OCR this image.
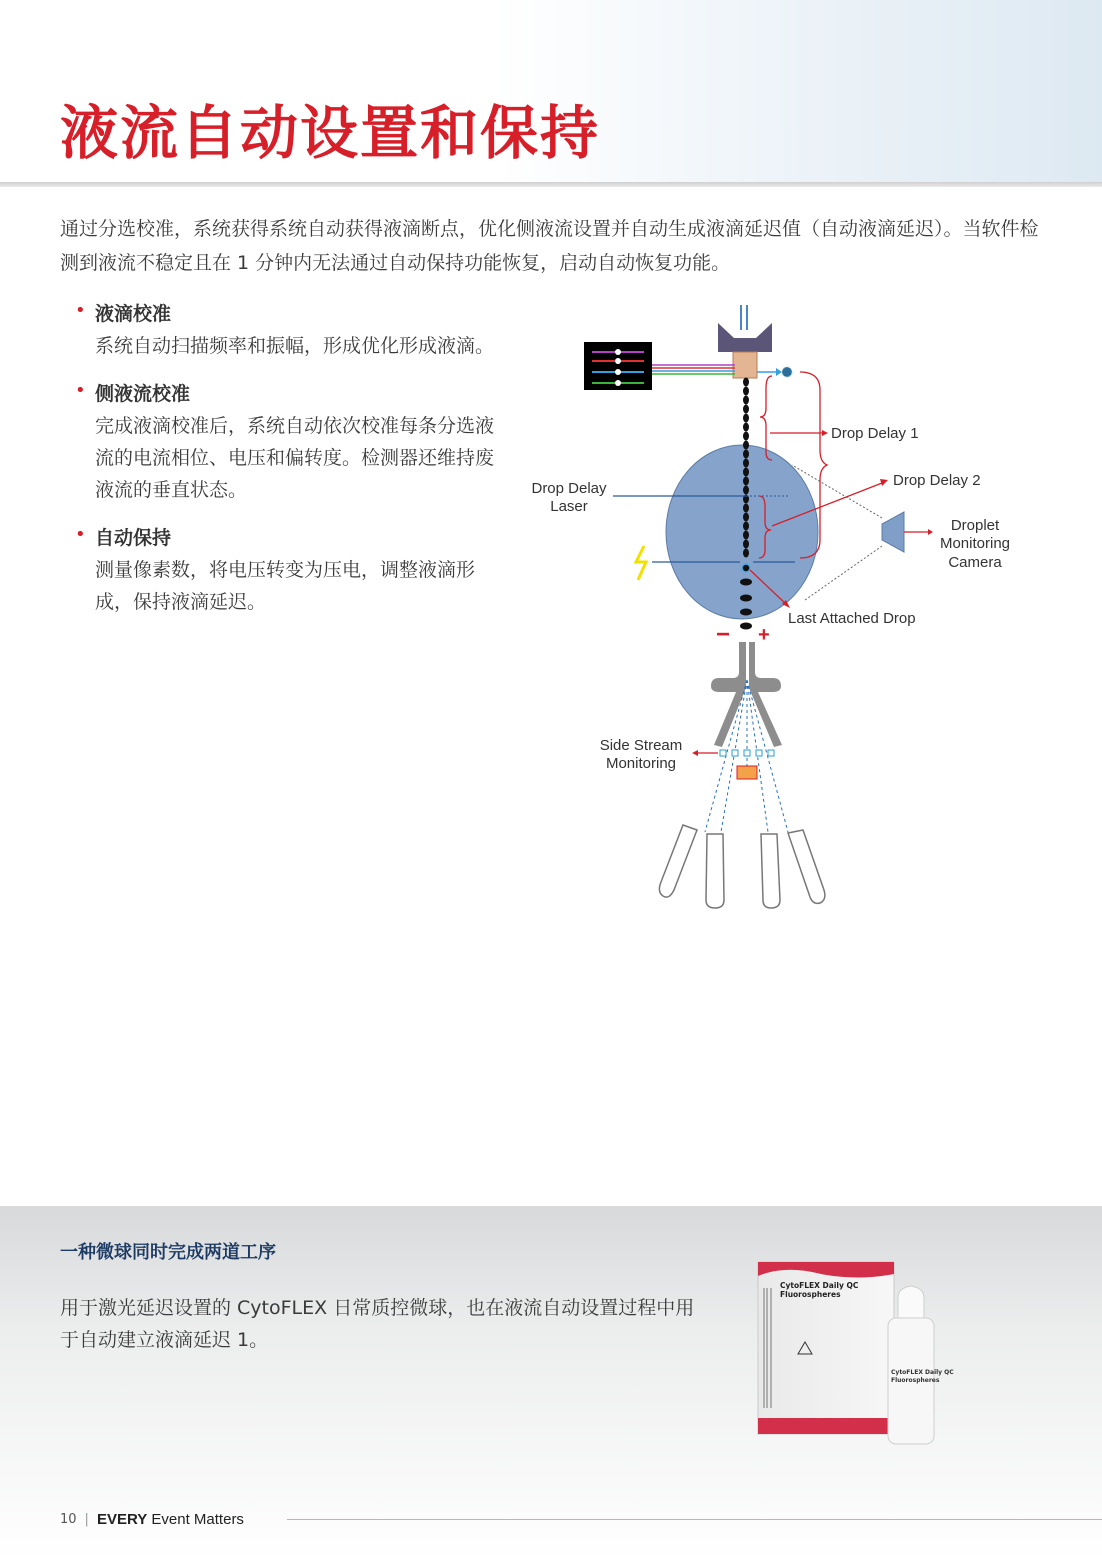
液流自动设置和保持

通过分选校准，系统获得系统自动获得液滴断点，优化侧液流设置并自动生成液滴延迟值（自动液滴延迟）。当软件检测到液流不稳定且在 1 分钟内无法通过自动保持功能恢复，启动自动恢复功能。

• 液滴校准

系统自动扫描频率和振幅，形成优化形成液滴。

• 侧液流校准

完成液滴校准后，系统自动依次校准每条分选液流的电流相位、电压和偏转度。检测器还维持废液流的垂直状态。

• 自动保持

测量像素数，将电压转变为压电，调整液滴形成，保持液滴延迟。

Drop Delay 1
Drop Delay 2
Drop Delay
Laser
Droplet
Monitoring
Camera
Last Attached Drop
− +
Side Stream
Monitoring
一种微球同时完成两道工序

用于激光延迟设置的 CytoFLEX 日常质控微球，也在液流自动设置过程中用于自动建立液滴延迟 1。

CytoFLEX Daily QC
Fluorospheres
CytoFLEX Daily QC
Fluorospheres
10 | EVERY Event Matters
